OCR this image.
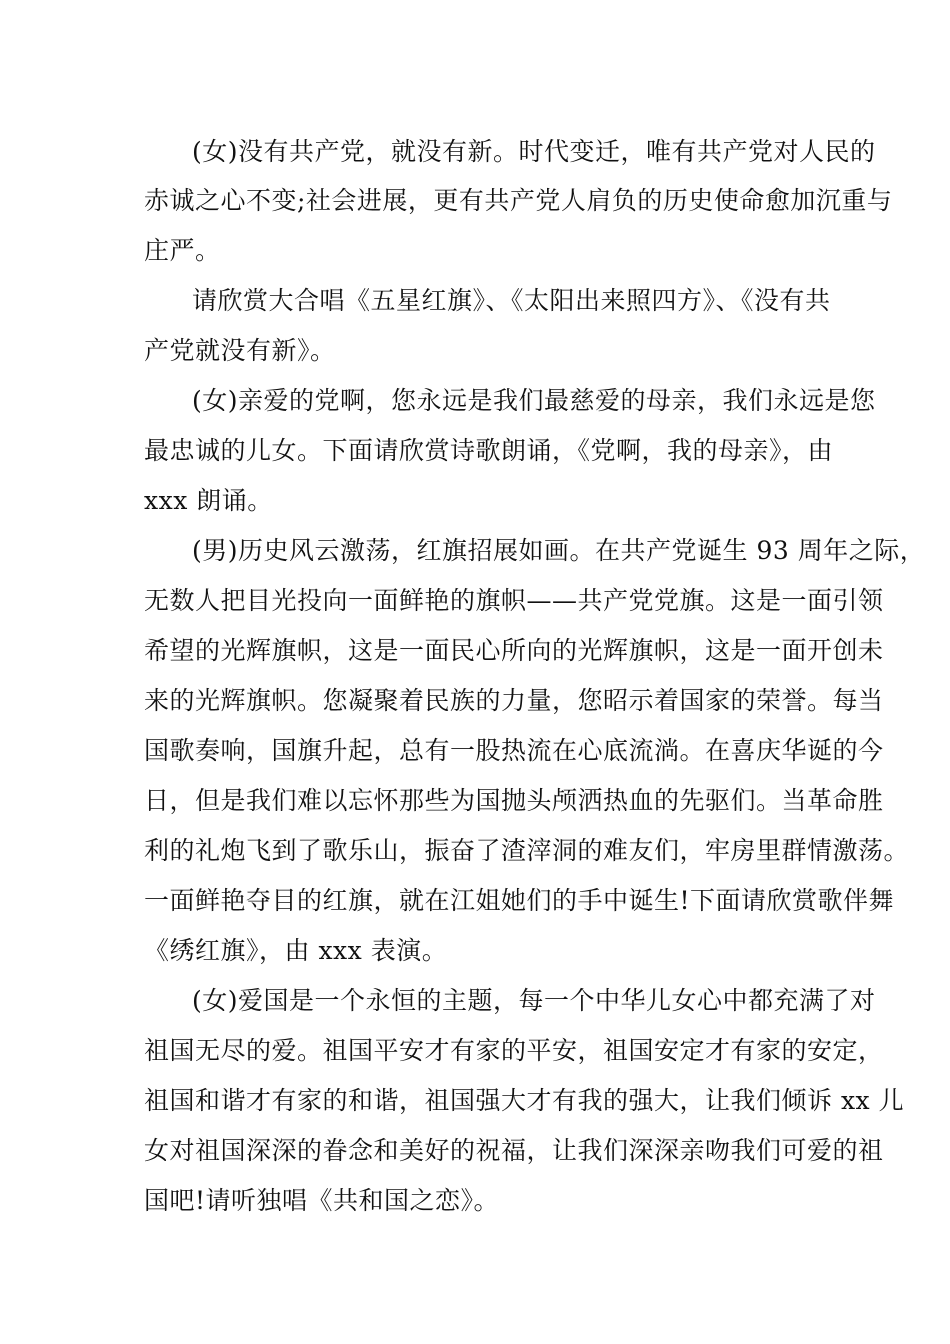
(女)没有共产党，就没有新。时代变迁，唯有共产党对人民的
赤诚之心不变;社会进展，更有共产党人肩负的历史使命愈加沉重与
庄严。
请欣赏大合唱《五星红旗》、《太阳出来照四方》、《没有共
产党就没有新》。
(女)亲爱的党啊，您永远是我们最慈爱的母亲，我们永远是您
最忠诚的儿女。下面请欣赏诗歌朗诵，《党啊，我的母亲》，由
xxx 朗诵。
(男)历史风云激荡，红旗招展如画。在共产党诞生 93 周年之际，
无数人把目光投向一面鲜艳的旗帜——共产党党旗。这是一面引领
希望的光辉旗帜，这是一面民心所向的光辉旗帜，这是一面开创未
来的光辉旗帜。您凝聚着民族的力量，您昭示着国家的荣誉。每当
国歌奏响，国旗升起，总有一股热流在心底流淌。在喜庆华诞的今
日，但是我们难以忘怀那些为国抛头颅洒热血的先驱们。当革命胜
利的礼炮飞到了歌乐山，振奋了渣滓洞的难友们，牢房里群情激荡。
一面鲜艳夺目的红旗，就在江姐她们的手中诞生!下面请欣赏歌伴舞
《绣红旗》，由 xxx 表演。
(女)爱国是一个永恒的主题，每一个中华儿女心中都充满了对
祖国无尽的爱。祖国平安才有家的平安，祖国安定才有家的安定，
祖国和谐才有家的和谐，祖国强大才有我的强大，让我们倾诉 xx 儿
女对祖国深深的眷念和美好的祝福，让我们深深亲吻我们可爱的祖
国吧!请听独唱《共和国之恋》。
